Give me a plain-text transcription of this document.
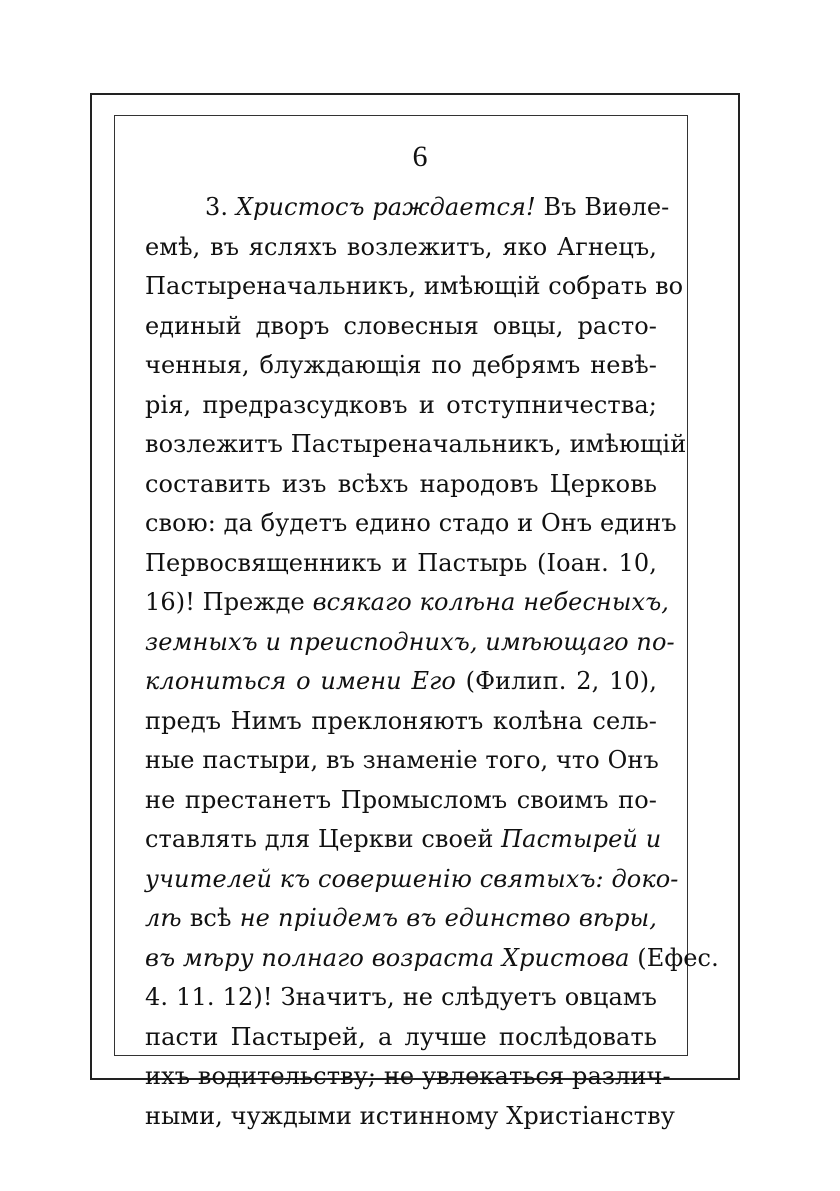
6
3. Христосъ раждается! Въ Виѳле-
емѣ, въ ясляхъ возлежитъ, яко Агнецъ,
Пастыреначальникъ, имѣющій собрать во
единый дворъ словесныя овцы, расто-
ченныя, блуждающія по дебрямъ невѣ-
рія, предразсудковъ и отступничества;
возлежитъ Пастыреначальникъ, имѣющій
составить изъ всѣхъ народовъ Церковь
свою: да будетъ едино стадо и Онъ единъ
Первосвященникъ и Пастырь (Іоан. 10,
16)! Прежде всякаго колѣна небесныхъ,
земныхъ и преисподнихъ, имѣющаго по-
клониться о имени Его (Филип. 2, 10),
предъ Нимъ преклоняютъ колѣна сель-
ные пастыри, въ знаменіе того, что Онъ
не престанетъ Промысломъ своимъ по-
ставлять для Церкви своей Пастырей и
учителей къ совершенію святыхъ: доко-
лѣ всѣ не пріидемъ въ единство вѣры,
въ мѣру полнаго возраста Христова (Ефес.
4. 11. 12)! Значитъ, не слѣдуетъ овцамъ
пасти Пастырей, а лучше послѣдовать
ихъ водительству; не увлекаться различ-
ными, чуждыми истинному Христіанству
